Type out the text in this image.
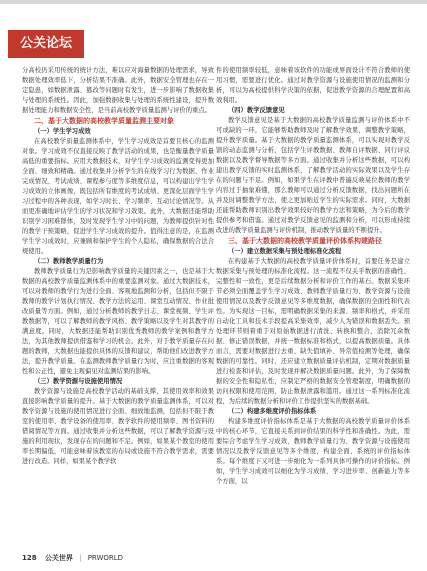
公关论坛

分高校仍采用传统的统计方法，难以应对海量数据的处理需求，导致数据处理效率低下，分析结果不准确。此外，数据安全管理也存在一定隐患，如数据泄露、篡改等问题时有发生，进一步影响了数据收集与处理的系统性。因此，加强数据收集与处理的系统性建设，提升数据处理能力和数据安全性，是当前高校教学质量监测与评价的重点。

二、基于大数据的高校教学质量监测主要对象

（一）学生学习成效

在高校教学质量监测体系中，学生学习成效是首要且核心的监测对象。学习成效不仅直接反映了教学活动的成果，也是衡量教学质量高低的重要指标。应用大数据技术，对学生学习成效的监测变得更加全面、细致和精确。通过收集并分析学生的在线学习行为数据、作业完成情况、考试成绩、课程参与度等多维度信息，可以构建出学生学习成效的立体画像，既包括所有维度的考试成绩、更深化层面学生学习过程中的各种表现，如学习时长、学习频率、互动讨论情况等。从而更准确地评估学生的学习状况和学习效果。此外，大数据还能帮助识别学习困难群体，及时发现学生学习中的问题，为教师提供针对性的教学干预策略，促进学生学习成效的提升。值得注意的是，在监测学生学习成效时，应兼顾和保护学生的个人隐私，确保数据的合法合规使用。

（二）教师教学质量行为

教师教学质量行为是影响教学质量的关键因素之一，也是基于大数据的高校教学质量监测体系中的重要监测对象。通过大数据技术，可以对教师的教学行为进行全面、客观地监测和分析，包括但不限于教师的教学计划执行情况、教学方法的运用、课堂互动情况、作业批改质量等方面。例如，通过分析教师的教学日志、课堂视频、学生评教数据等，可以了解教师的教学风格、教学策略以及学生对其教学的满意度。同时，大数据还能帮助识别优秀教师的教学案例和教学方法，为其他教师提供借鉴和学习的机会。此外，对于教学质量存在问题的教师，大数据也能提供具体的反馈和建议，帮助他们改进教学方法，提升教学质量。在监测教师教学质量行为时，应注重数据的客观性和公正性，避免主观偏见对监测结果的影响。

（三）教学资源与设施使用情况

教学资源与设施是高校教学活动的基础支撑，其使用效率和效果直接影响教学质量的提升。基于大数据的教学质量监测体系，可以对教学资源与设施的使用情况进行全面、细致地监测，包括但不限于教室的使用率、教学设备的使用率、教学软件的使用频率、图书资料的借阅情况等方面。通过收集并分析这些数据，可以了解教学资源与设施的利用现状，发现存在的问题和不足。例如，如果某个教室的使用率长期偏低，可能意味着该教室的布局或设施不符合教学需求，需要进行改造。同样，如果某个教学软

件的使用频率较低，意味着该软件的功能或界面设计不符合教师的使用习惯，需要进行优化。通过对教学资源与设施使用情况的监测和分析，可以为高校提供科学决策的依据，促进教学资源的合理配置和高效利用。

（四）教学反馈意见

教学反馈意见是基于大数据的高校教学质量监测与评价体系中不可或缺的一环，它能够帮助教师及时了解教学效果，调整教学策略，提升教学质量。基于大数据的教学质量监测体系，可以实现对教学反馈的动态监测与分析，包括学生评教数据、教师自评数据、同行评议数据以及教学督导数据等多方面。通过收集并分析这些数据，可以构建出教学反馈的实时监测体系，了解教学活动的实际效果以及学生存在的问题与不足。例如，如果学生在评教中普遍反映某位教师的教学内容过于抽象难懂，那么教师可以通过分析反馈数据，找出问题所在并及时调整教学方法，使之更加贴近学生的实际需求。同时，大数据还能帮助教师识别出教学效果较好的教学方法和策略，为今后的教学提供参考和借鉴。通过对教学反馈意见的监测和分析，可以形成持续改进的教学质量监测与评价机制，推动教学质量的不断提升。

三、基于大数据的高校教学质量评价体系构建路径

（一）建立数据采集与预处理标准化流程

在构建基于大数据的高校教学质量评价体系时，首要任务是建立数据采集与预处理的标准化流程。这一流程不仅关乎数据的准确性、完整性和一致性，更是后续数据分析和评价工作的基石。数据采集环节必须全面覆盖学生学习成效、教师教学质量行为、教学资源与设施使用情况以及教学反馈意见等多维度数据，确保数据的全面性和代表性。为实现这一目标，需明确数据采集的来源、频率和格式，并采用自动化工具和技术手段提高采集效率，减少人为错误和数据丢失。预处理环节则着重于对原始数据进行清洗、转换和整合，消除冗余数据、修正错误数据，并统一数据标准和格式，以提高数据质量。具体而言，需要对数据进行去重、缺失值填补、异常值检测等处理，确保数据的可靠性。同时，还应建立数据质量评估机制，定期对数据质量进行检查和评估，及时发现并解决数据质量问题。此外，为了保障数据的安全性和隐私性，应制定严格的数据安全管理制度，明确数据的访问权限和使用范围，防止数据泄露和滥用。通过这一系列标准化流程，为后续的数据分析和评价工作提供坚实的数据基础。

（二）构建多维度评价指标体系

构建多维度评价指标体系是基于大数据的高校教学质量评价体系中的核心环节，它直接关系到评价结果的科学性和准确性。为此，需要综合考虑学生学习成效、教师教学质量行为、教学资源与设施使用情况以及教学反馈意见等多个维度，构建全面、系统的评价指标体系。每个维度下又可进一步细化为一系列具体可操作的评价指标。例如，学生学习成效可以细化为学习成绩、学习进步率、创新能力等多个方面，以

128 公关世界 | PRWORLD
